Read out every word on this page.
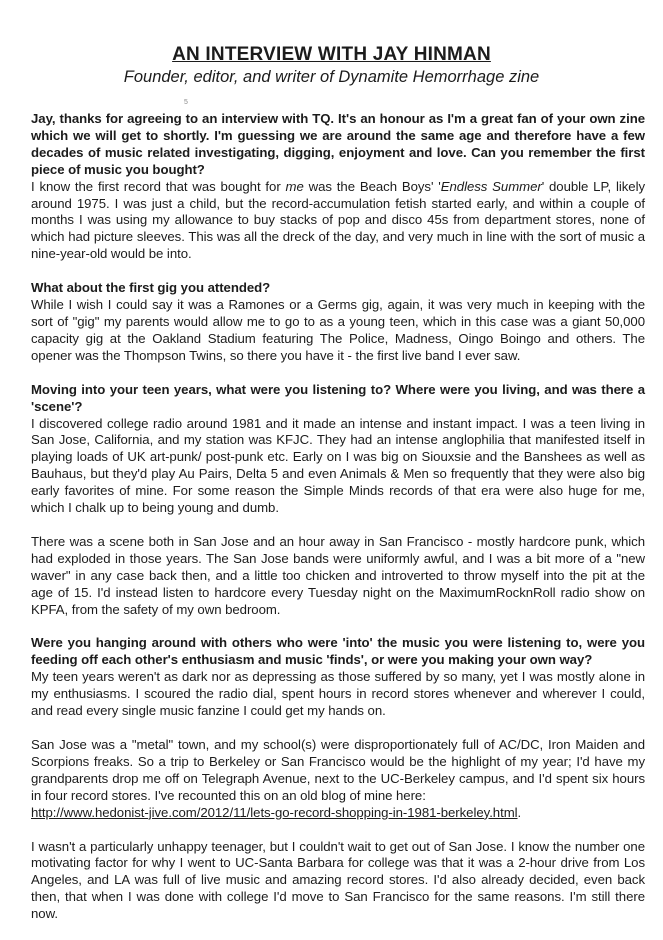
AN INTERVIEW WITH JAY HINMAN
Founder, editor, and writer of Dynamite Hemorrhage zine
5

Jay, thanks for agreeing to an interview with TQ. It's an honour as I'm a great fan of your own zine which we will get to shortly. I'm guessing we are around the same age and therefore have a few decades of music related investigating, digging, enjoyment and love. Can you remember the first piece of music you bought?

I know the first record that was bought for me was the Beach Boys' 'Endless Summer' double LP, likely around 1975. I was just a child, but the record-accumulation fetish started early, and within a couple of months I was using my allowance to buy stacks of pop and disco 45s from department stores, none of which had picture sleeves. This was all the dreck of the day, and very much in line with the sort of music a nine-year-old would be into.

What about the first gig you attended?

While I wish I could say it was a Ramones or a Germs gig, again, it was very much in keeping with the sort of "gig" my parents would allow me to go to as a young teen, which in this case was a giant 50,000 capacity gig at the Oakland Stadium featuring The Police, Madness, Oingo Boingo and others. The opener was the Thompson Twins, so there you have it - the first live band I ever saw.

Moving into your teen years, what were you listening to? Where were you living, and was there a 'scene'?

I discovered college radio around 1981 and it made an intense and instant impact. I was a teen living in San Jose, California, and my station was KFJC. They had an intense anglophilia that manifested itself in playing loads of UK art-punk/ post-punk etc. Early on I was big on Siouxsie and the Banshees as well as Bauhaus, but they'd play Au Pairs, Delta 5 and even Animals & Men so frequently that they were also big early favorites of mine. For some reason the Simple Minds records of that era were also huge for me, which I chalk up to being young and dumb.

There was a scene both in San Jose and an hour away in San Francisco - mostly hardcore punk, which had exploded in those years. The San Jose bands were uniformly awful, and I was a bit more of a "new waver" in any case back then, and a little too chicken and introverted to throw myself into the pit at the age of 15. I'd instead listen to hardcore every Tuesday night on the MaximumRocknRoll radio show on KPFA, from the safety of my own bedroom.

Were you hanging around with others who were 'into' the music you were listening to, were you feeding off each other's enthusiasm and music 'finds', or were you making your own way?

My teen years weren't as dark nor as depressing as those suffered by so many, yet I was mostly alone in my enthusiasms. I scoured the radio dial, spent hours in record stores whenever and wherever I could, and read every single music fanzine I could get my hands on.

San Jose was a "metal" town, and my school(s) were disproportionately full of AC/DC, Iron Maiden and Scorpions freaks. So a trip to Berkeley or San Francisco would be the highlight of my year; I'd have my grandparents drop me off on Telegraph Avenue, next to the UC-Berkeley campus, and I'd spent six hours in four record stores. I've recounted this on an old blog of mine here:
http://www.hedonist-jive.com/2012/11/lets-go-record-shopping-in-1981-berkeley.html.

I wasn't a particularly unhappy teenager, but I couldn't wait to get out of San Jose. I know the number one motivating factor for why I went to UC-Santa Barbara for college was that it was a 2-hour drive from Los Angeles, and LA was full of live music and amazing record stores. I'd also already decided, even back then, that when I was done with college I'd move to San Francisco for the same reasons. I'm still there now.
